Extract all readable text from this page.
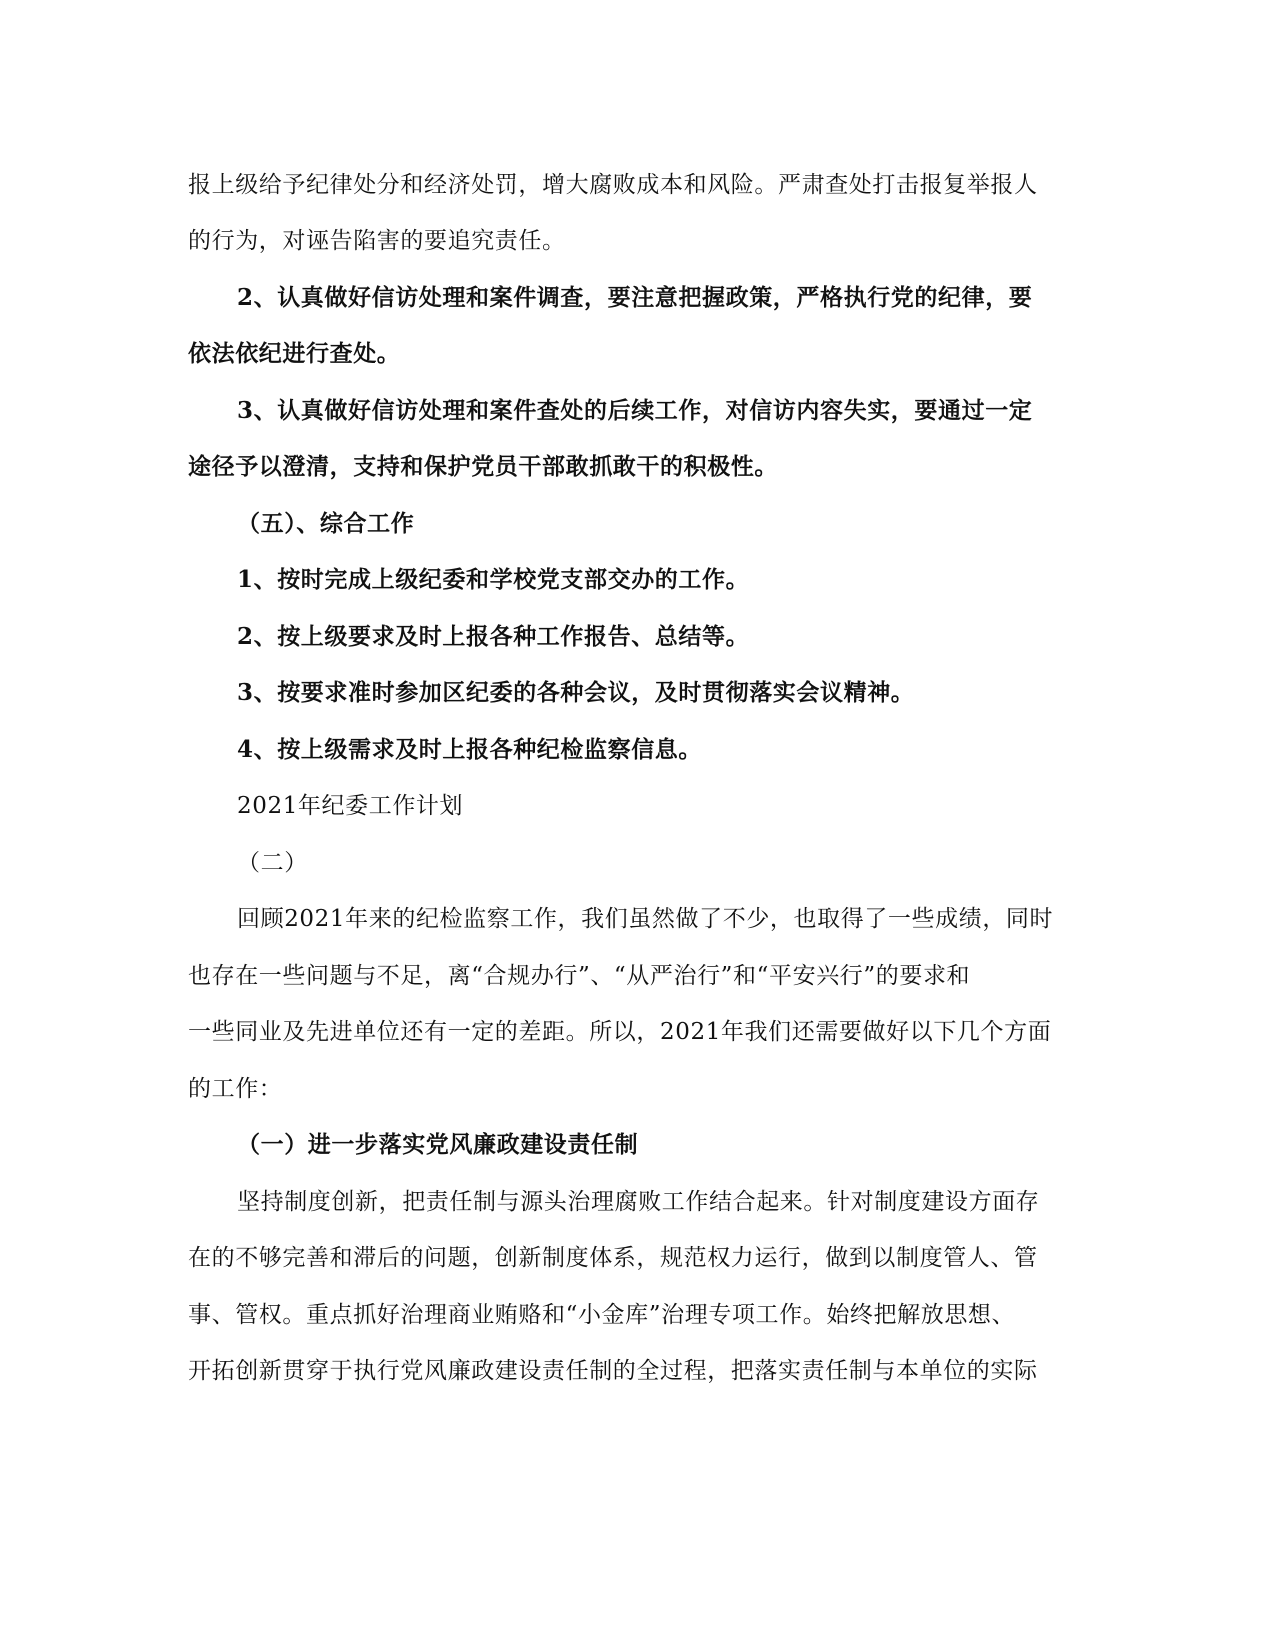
报上级给予纪律处分和经济处罚，增大腐败成本和风险。严肃查处打击报复举报人
的行为，对诬告陷害的要追究责任。
2、认真做好信访处理和案件调查，要注意把握政策，严格执行党的纪律，要
依法依纪进行查处。
3、认真做好信访处理和案件查处的后续工作，对信访内容失实，要通过一定
途径予以澄清，支持和保护党员干部敢抓敢干的积极性。
（五）、综合工作
1、按时完成上级纪委和学校党支部交办的工作。
2、按上级要求及时上报各种工作报告、总结等。
3、按要求准时参加区纪委的各种会议，及时贯彻落实会议精神。
4、按上级需求及时上报各种纪检监察信息。
2021年纪委工作计划
（二）
回顾2021年来的纪检监察工作，我们虽然做了不少，也取得了一些成绩，同时
也存在一些问题与不足，离“合规办行”、“从严治行”和“平安兴行”的要求和
一些同业及先进单位还有一定的差距。所以，2021年我们还需要做好以下几个方面
的工作：
（一）进一步落实党风廉政建设责任制
坚持制度创新，把责任制与源头治理腐败工作结合起来。针对制度建设方面存
在的不够完善和滞后的问题，创新制度体系，规范权力运行，做到以制度管人、管
事、管权。重点抓好治理商业贿赂和“小金库”治理专项工作。始终把解放思想、
开拓创新贯穿于执行党风廉政建设责任制的全过程，把落实责任制与本单位的实际
